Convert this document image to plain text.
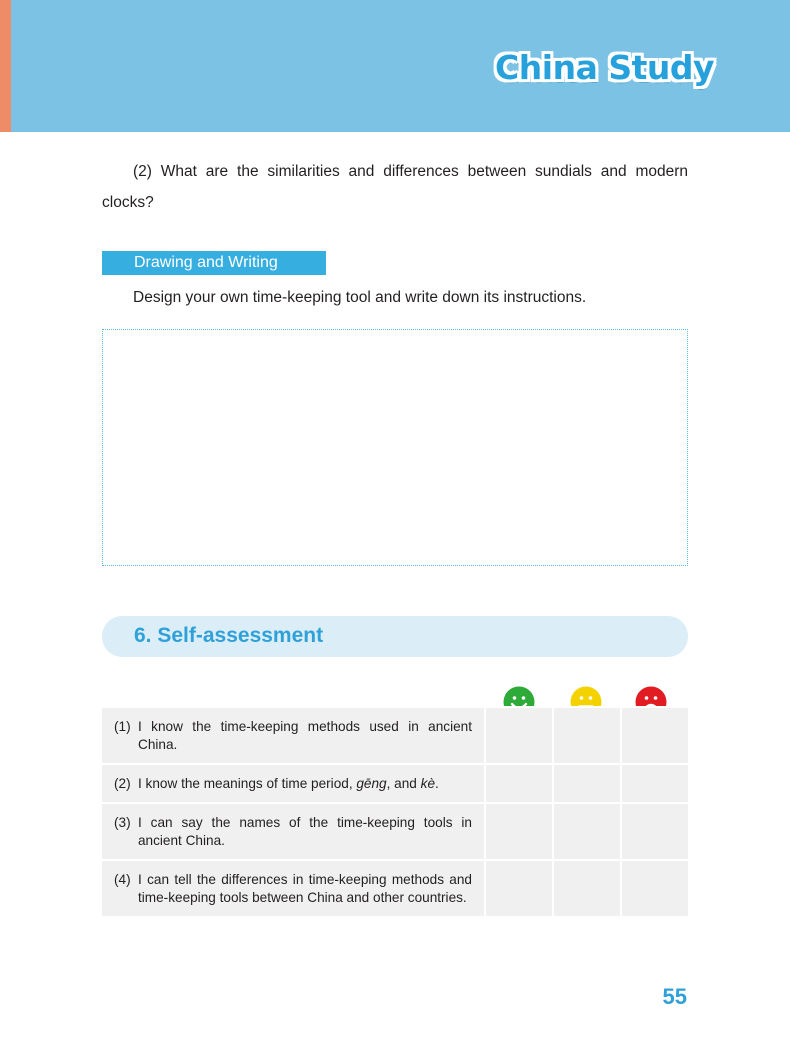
China Study

(2) What are the similarities and differences between sundials and modern clocks?

Drawing and Writing

Design your own time-keeping tool and write down its instructions.

6. Self-assessment
(1) I know the time-keeping methods used in ancient China.
(2) I know the meanings of time period, gēng, and kè.
(3) I can say the names of the time-keeping tools in ancient China.
(4) I can tell the differences in time-keeping methods and time-keeping tools between China and other countries.
55
